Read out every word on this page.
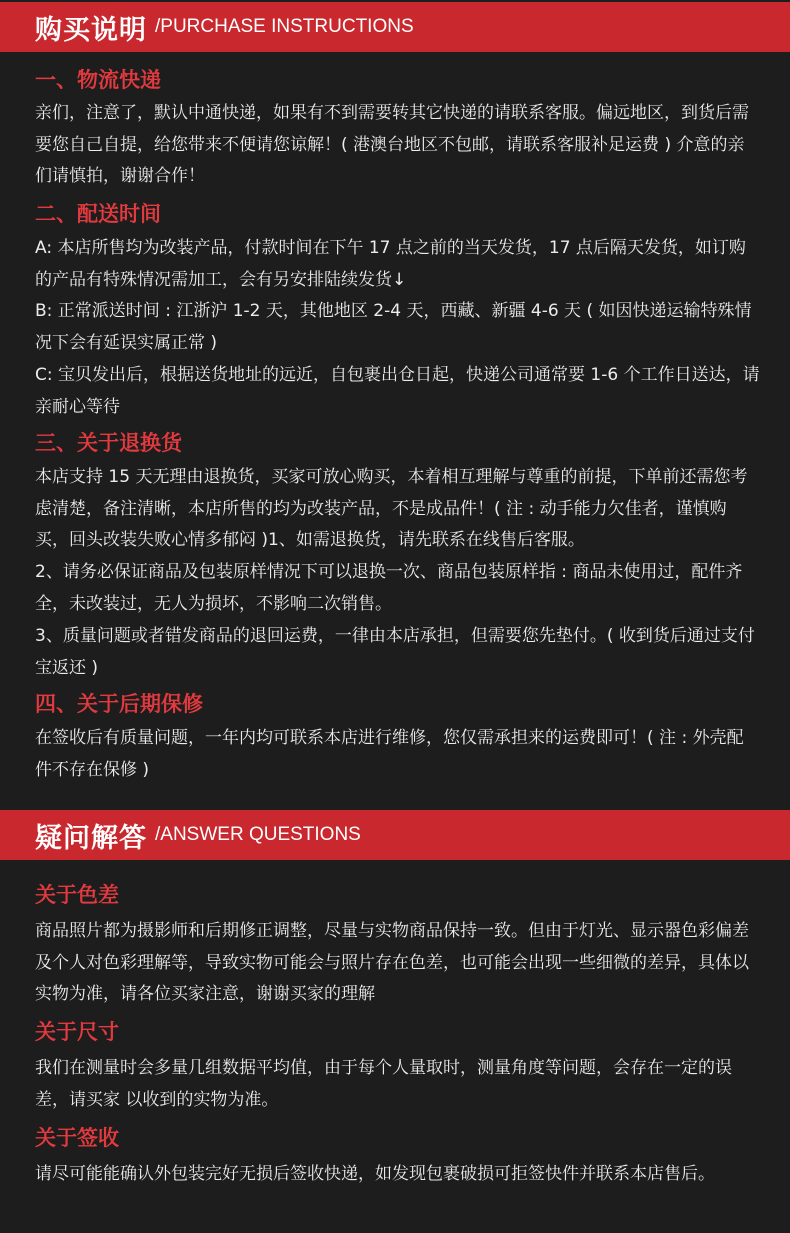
购买说明 /PURCHASE INSTRUCTIONS
一、物流快递
亲们，注意了，默认中通快递，如果有不到需要转其它快递的请联系客服。偏远地区，到货后需要您自己自提，给您带来不便请您谅解！( 港澳台地区不包邮，请联系客服补足运费 ) 介意的亲们请慎拍，谢谢合作！
二、配送时间
A: 本店所售均为改装产品，付款时间在下午 17 点之前的当天发货，17 点后隔天发货，如订购的产品有特殊情况需加工，会有另安排陆续发货↓
B: 正常派送时间 : 江浙沪 1-2 天，其他地区 2-4 天，西藏、新疆 4-6 天 ( 如因快递运输特殊情况下会有延误实属正常 )
C: 宝贝发出后，根据送货地址的远近，自包裹出仓日起，快递公司通常要 1-6 个工作日送达，请亲耐心等待
三、关于退换货
本店支持 15 天无理由退换货，买家可放心购买，本着相互理解与尊重的前提，下单前还需您考虑清楚，备注清晰，本店所售的均为改装产品，不是成品件！( 注 : 动手能力欠佳者，谨慎购买，回头改装失败心情多郁闷 )1、如需退换货，请先联系在线售后客服。
2、请务必保证商品及包装原样情况下可以退换一次、商品包装原样指 : 商品未使用过，配件齐全，未改装过，无人为损坏，不影响二次销售。
3、质量问题或者错发商品的退回运费，一律由本店承担，但需要您先垫付。( 收到货后通过支付宝返还 )
四、关于后期保修
在签收后有质量问题，一年内均可联系本店进行维修，您仅需承担来的运费即可！( 注 : 外壳配件不存在保修 )
疑问解答 /ANSWER QUESTIONS
关于色差
商品照片都为摄影师和后期修正调整，尽量与实物商品保持一致。但由于灯光、显示器色彩偏差及个人对色彩理解等，导致实物可能会与照片存在色差，也可能会出现一些细微的差异，具体以实物为准，请各位买家注意，谢谢买家的理解
关于尺寸
我们在测量时会多量几组数据平均值，由于每个人量取时，测量角度等问题，会存在一定的误差，请买家 以收到的实物为准。
关于签收
请尽可能能确认外包装完好无损后签收快递，如发现包裹破损可拒签快件并联系本店售后。
